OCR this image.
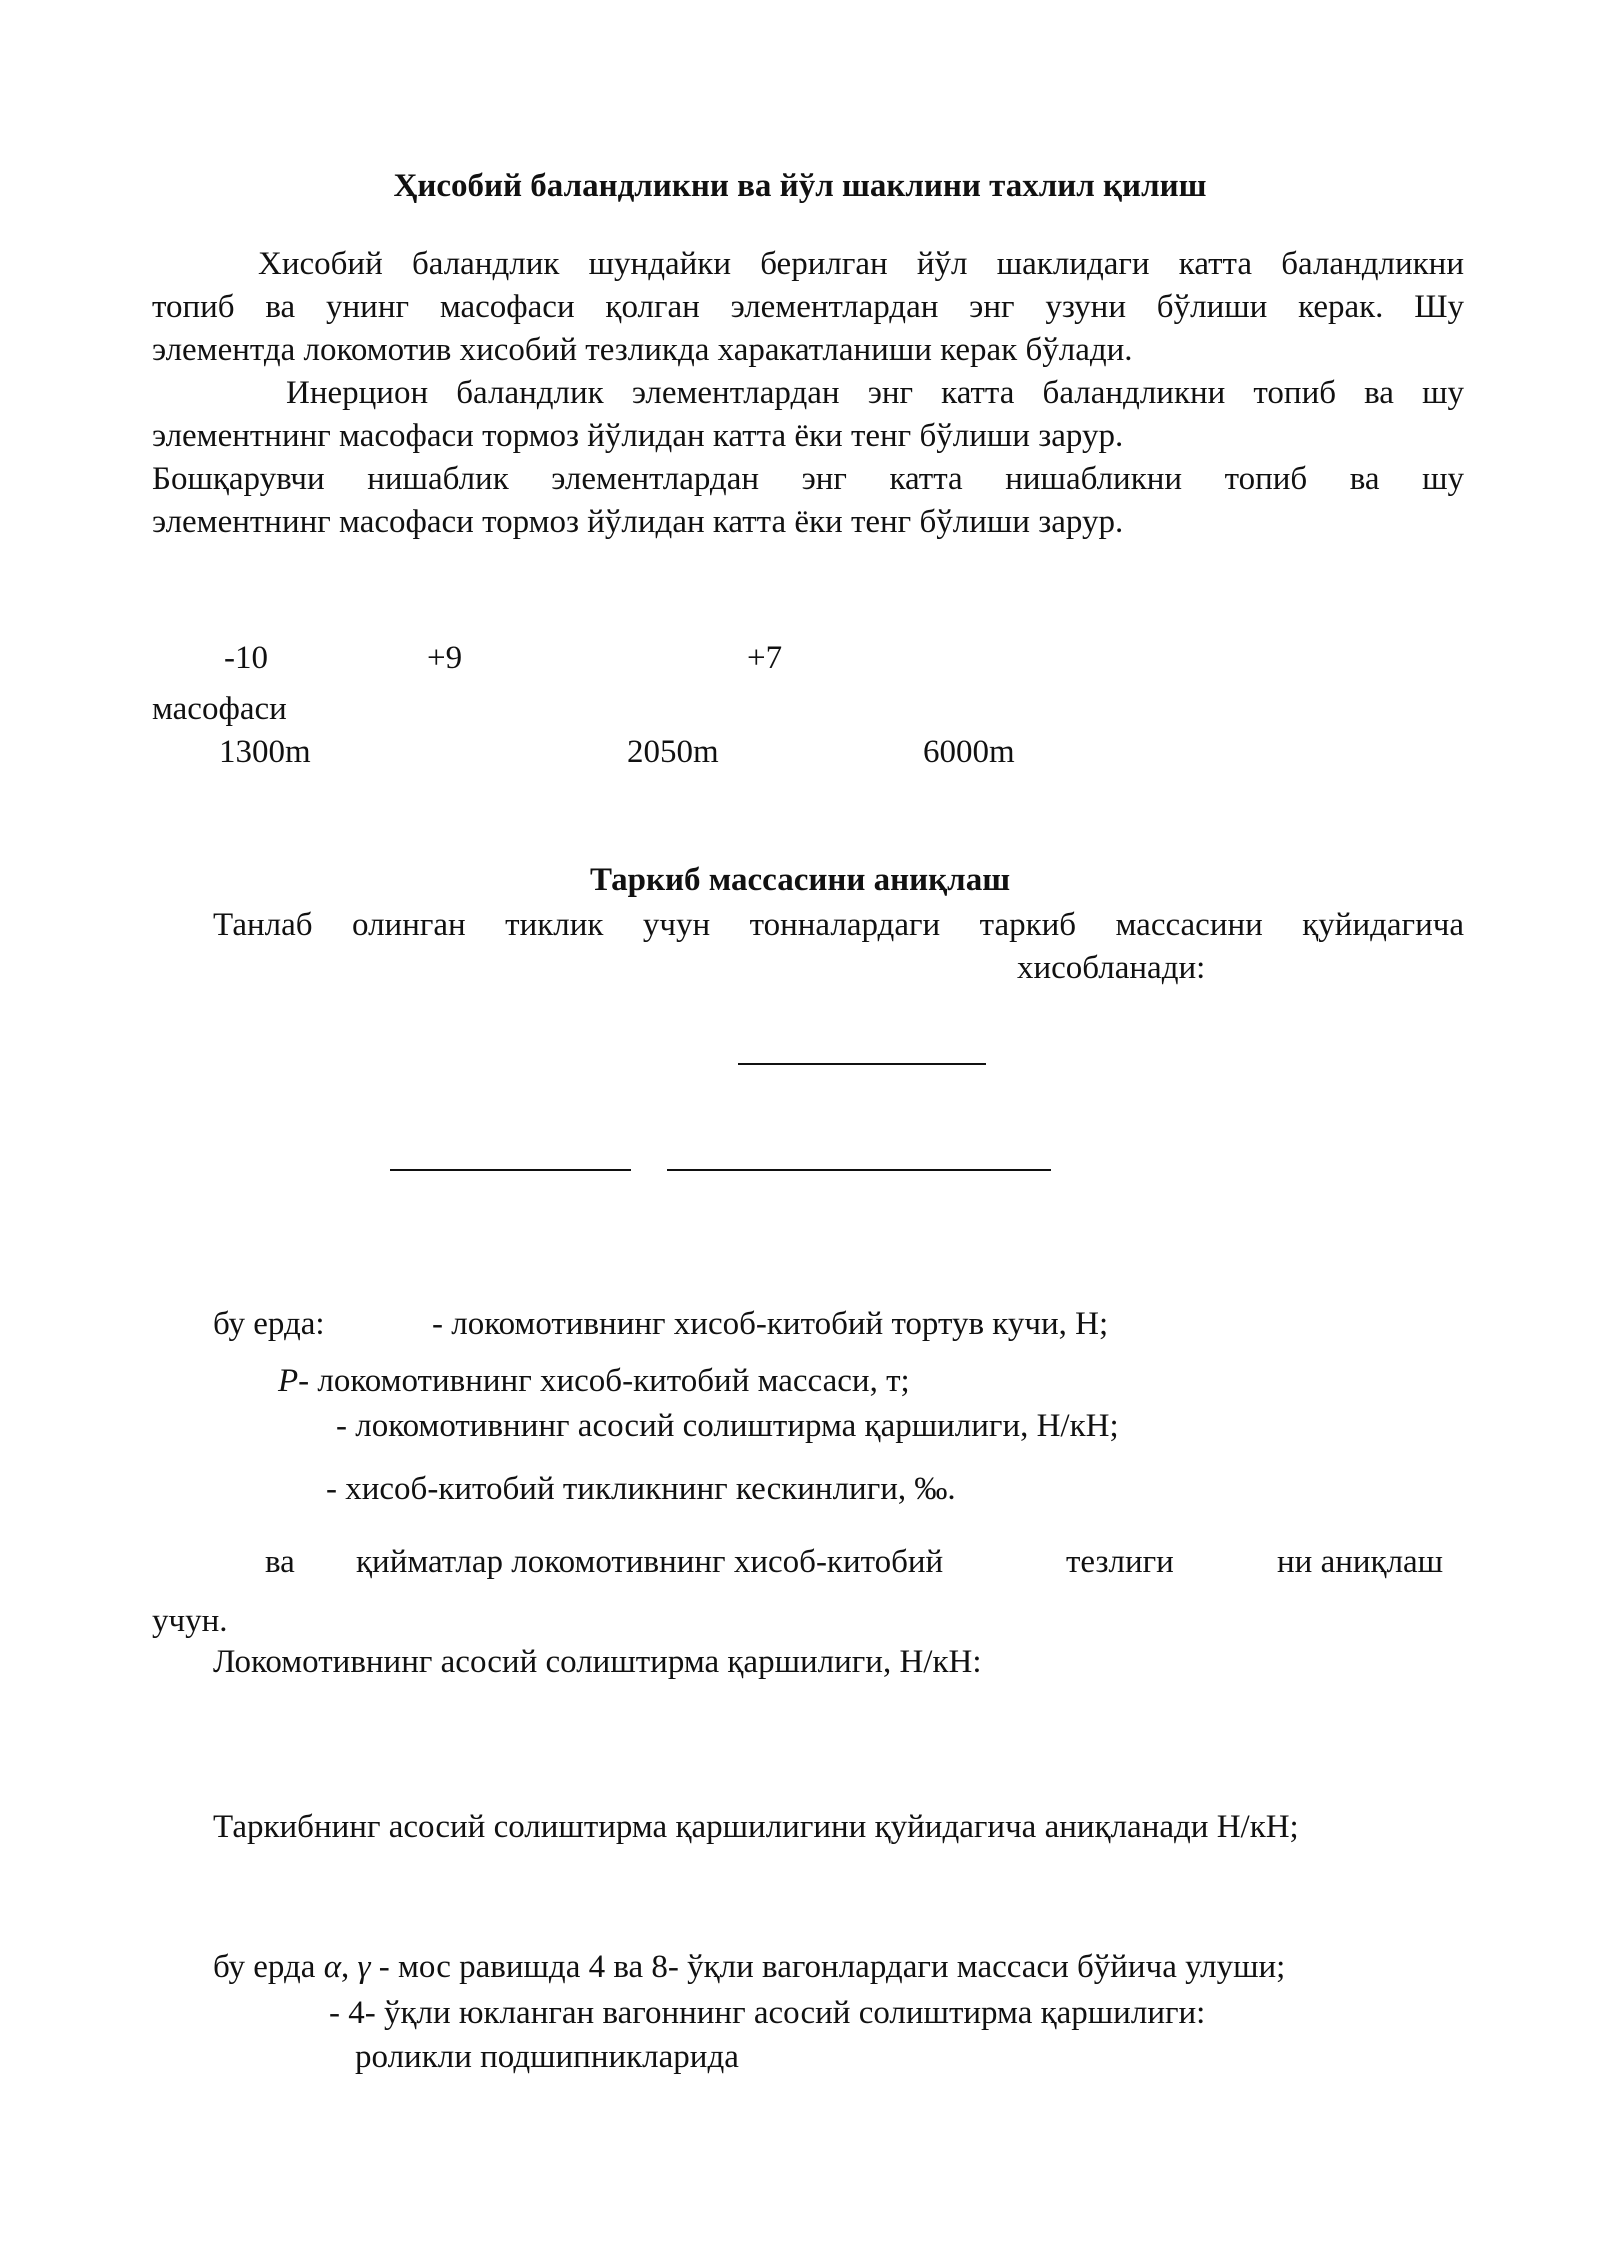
Ҳисобий баландликни ва йўл шаклини тахлил қилиш
Хисобий баландлик шундайки берилган йўл шаклидаги катта баландликни
топиб ва унинг масофаси қолган элементлардан энг узуни бўлиши керак. Шу
элементда локомотив хисобий тезликда харакатланиши керак бўлади.
Инерцион баландлик элементлардан энг катта баландликни топиб ва шу
элементнинг масофаси тормоз йўлидан катта ёки тенг бўлиши зарур.
Бошқарувчи нишаблик элементлардан энг катта нишабликни топиб ва шу
элементнинг масофаси тормоз йўлидан катта ёки тенг бўлиши зарур.
-10	+9	+7
масофаси
1300m	2050m	6000m
Таркиб массасини аниқлаш
Танлаб олинган тиклик учун тонналардаги таркиб массасини қуйидагича
хисобланади:
бу ерда:	- локомотивнинг хисоб-китобий тортув кучи, Н;
Р- локомотивнинг хисоб-китобий массаси, т;
- локомотивнинг асосий солиштирма қаршилиги, Н/кН;
- хисоб-китобий тикликнинг кескинлиги, ‰.
ва қийматлар локомотивнинг хисоб-китобий	тезлиги	ни аниқлаш
учун.
Локомотивнинг асосий солиштирма қаршилиги, Н/кН:
Таркибнинг асосий солиштирма қаршилигини қуйидагича аниқланади Н/кН;
бу ерда α, γ - мос равишда 4 ва 8- ўқли вагонлардаги массаси бўйича улуши;
- 4- ўқли юкланган вагоннинг асосий солиштирма қаршилиги:
роликли подшипникларида
